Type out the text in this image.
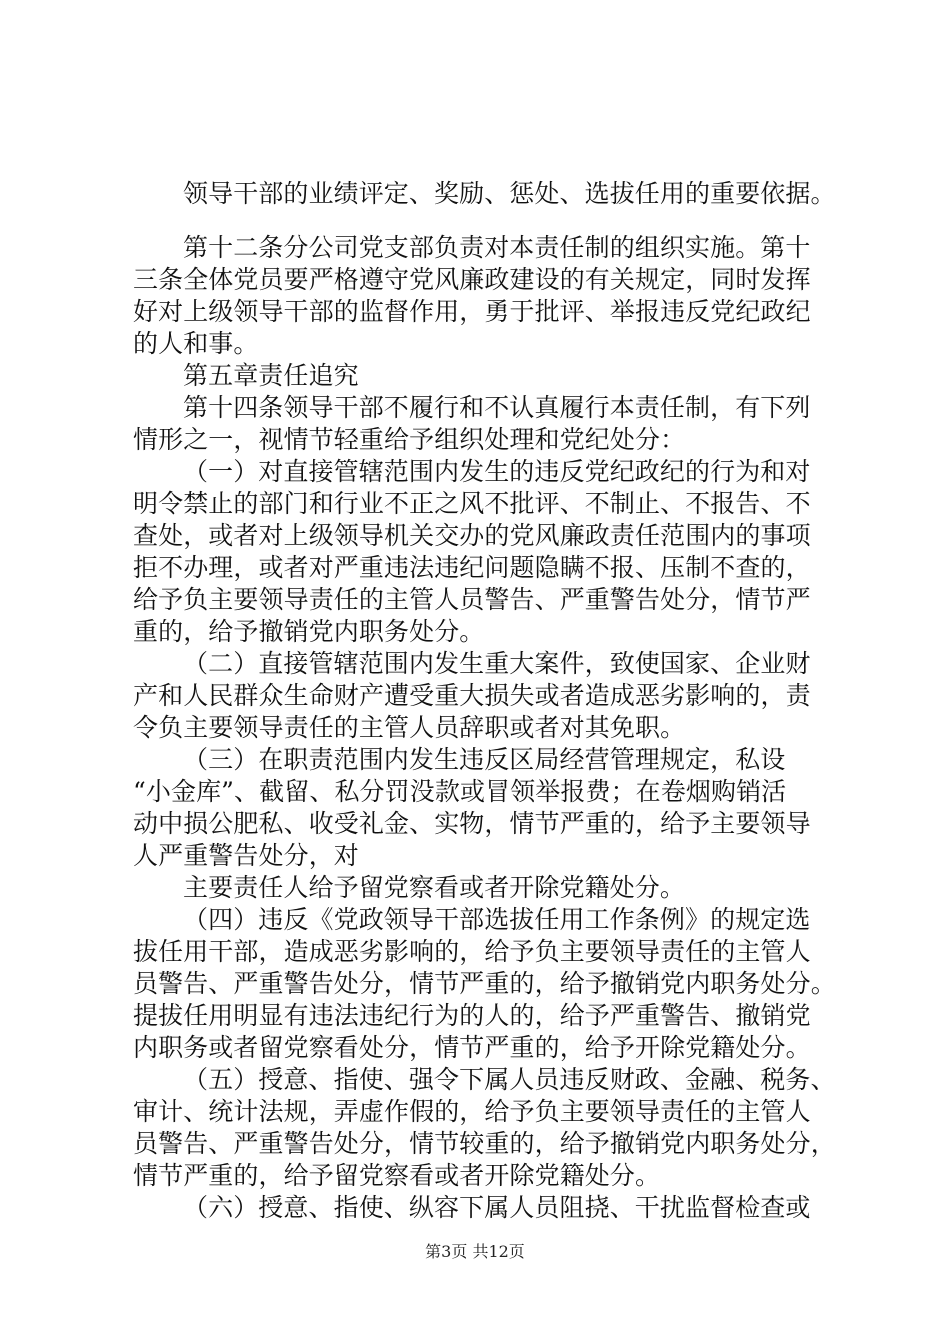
领导干部的业绩评定、奖励、惩处、选拔任用的重要依据。

第十二条分公司党支部负责对本责任制的组织实施。第十

三条全体党员要严格遵守党风廉政建设的有关规定，同时发挥

好对上级领导干部的监督作用，勇于批评、举报违反党纪政纪

的人和事。

第五章责任追究

第十四条领导干部不履行和不认真履行本责任制，有下列

情形之一，视情节轻重给予组织处理和党纪处分：

（一）对直接管辖范围内发生的违反党纪政纪的行为和对

明令禁止的部门和行业不正之风不批评、不制止、不报告、不

查处，或者对上级领导机关交办的党风廉政责任范围内的事项

拒不办理，或者对严重违法违纪问题隐瞒不报、压制不查的，

给予负主要领导责任的主管人员警告、严重警告处分，情节严

重的，给予撤销党内职务处分。

（二）直接管辖范围内发生重大案件，致使国家、企业财

产和人民群众生命财产遭受重大损失或者造成恶劣影响的，责

令负主要领导责任的主管人员辞职或者对其免职。

（三）在职责范围内发生违反区局经营管理规定，私设

“小金库”、截留、私分罚没款或冒领举报费；在卷烟购销活

动中损公肥私、收受礼金、实物，情节严重的，给予主要领导

人严重警告处分，对

主要责任人给予留党察看或者开除党籍处分。

（四）违反《党政领导干部选拔任用工作条例》的规定选

拔任用干部，造成恶劣影响的，给予负主要领导责任的主管人

员警告、严重警告处分，情节严重的，给予撤销党内职务处分。

提拔任用明显有违法违纪行为的人的，给予严重警告、撤销党

内职务或者留党察看处分，情节严重的，给予开除党籍处分。

（五）授意、指使、强令下属人员违反财政、金融、税务、

审计、统计法规，弄虚作假的，给予负主要领导责任的主管人

员警告、严重警告处分，情节较重的，给予撤销党内职务处分，

情节严重的，给予留党察看或者开除党籍处分。

（六）授意、指使、纵容下属人员阻挠、干扰监督检查或

第3页 共12页
